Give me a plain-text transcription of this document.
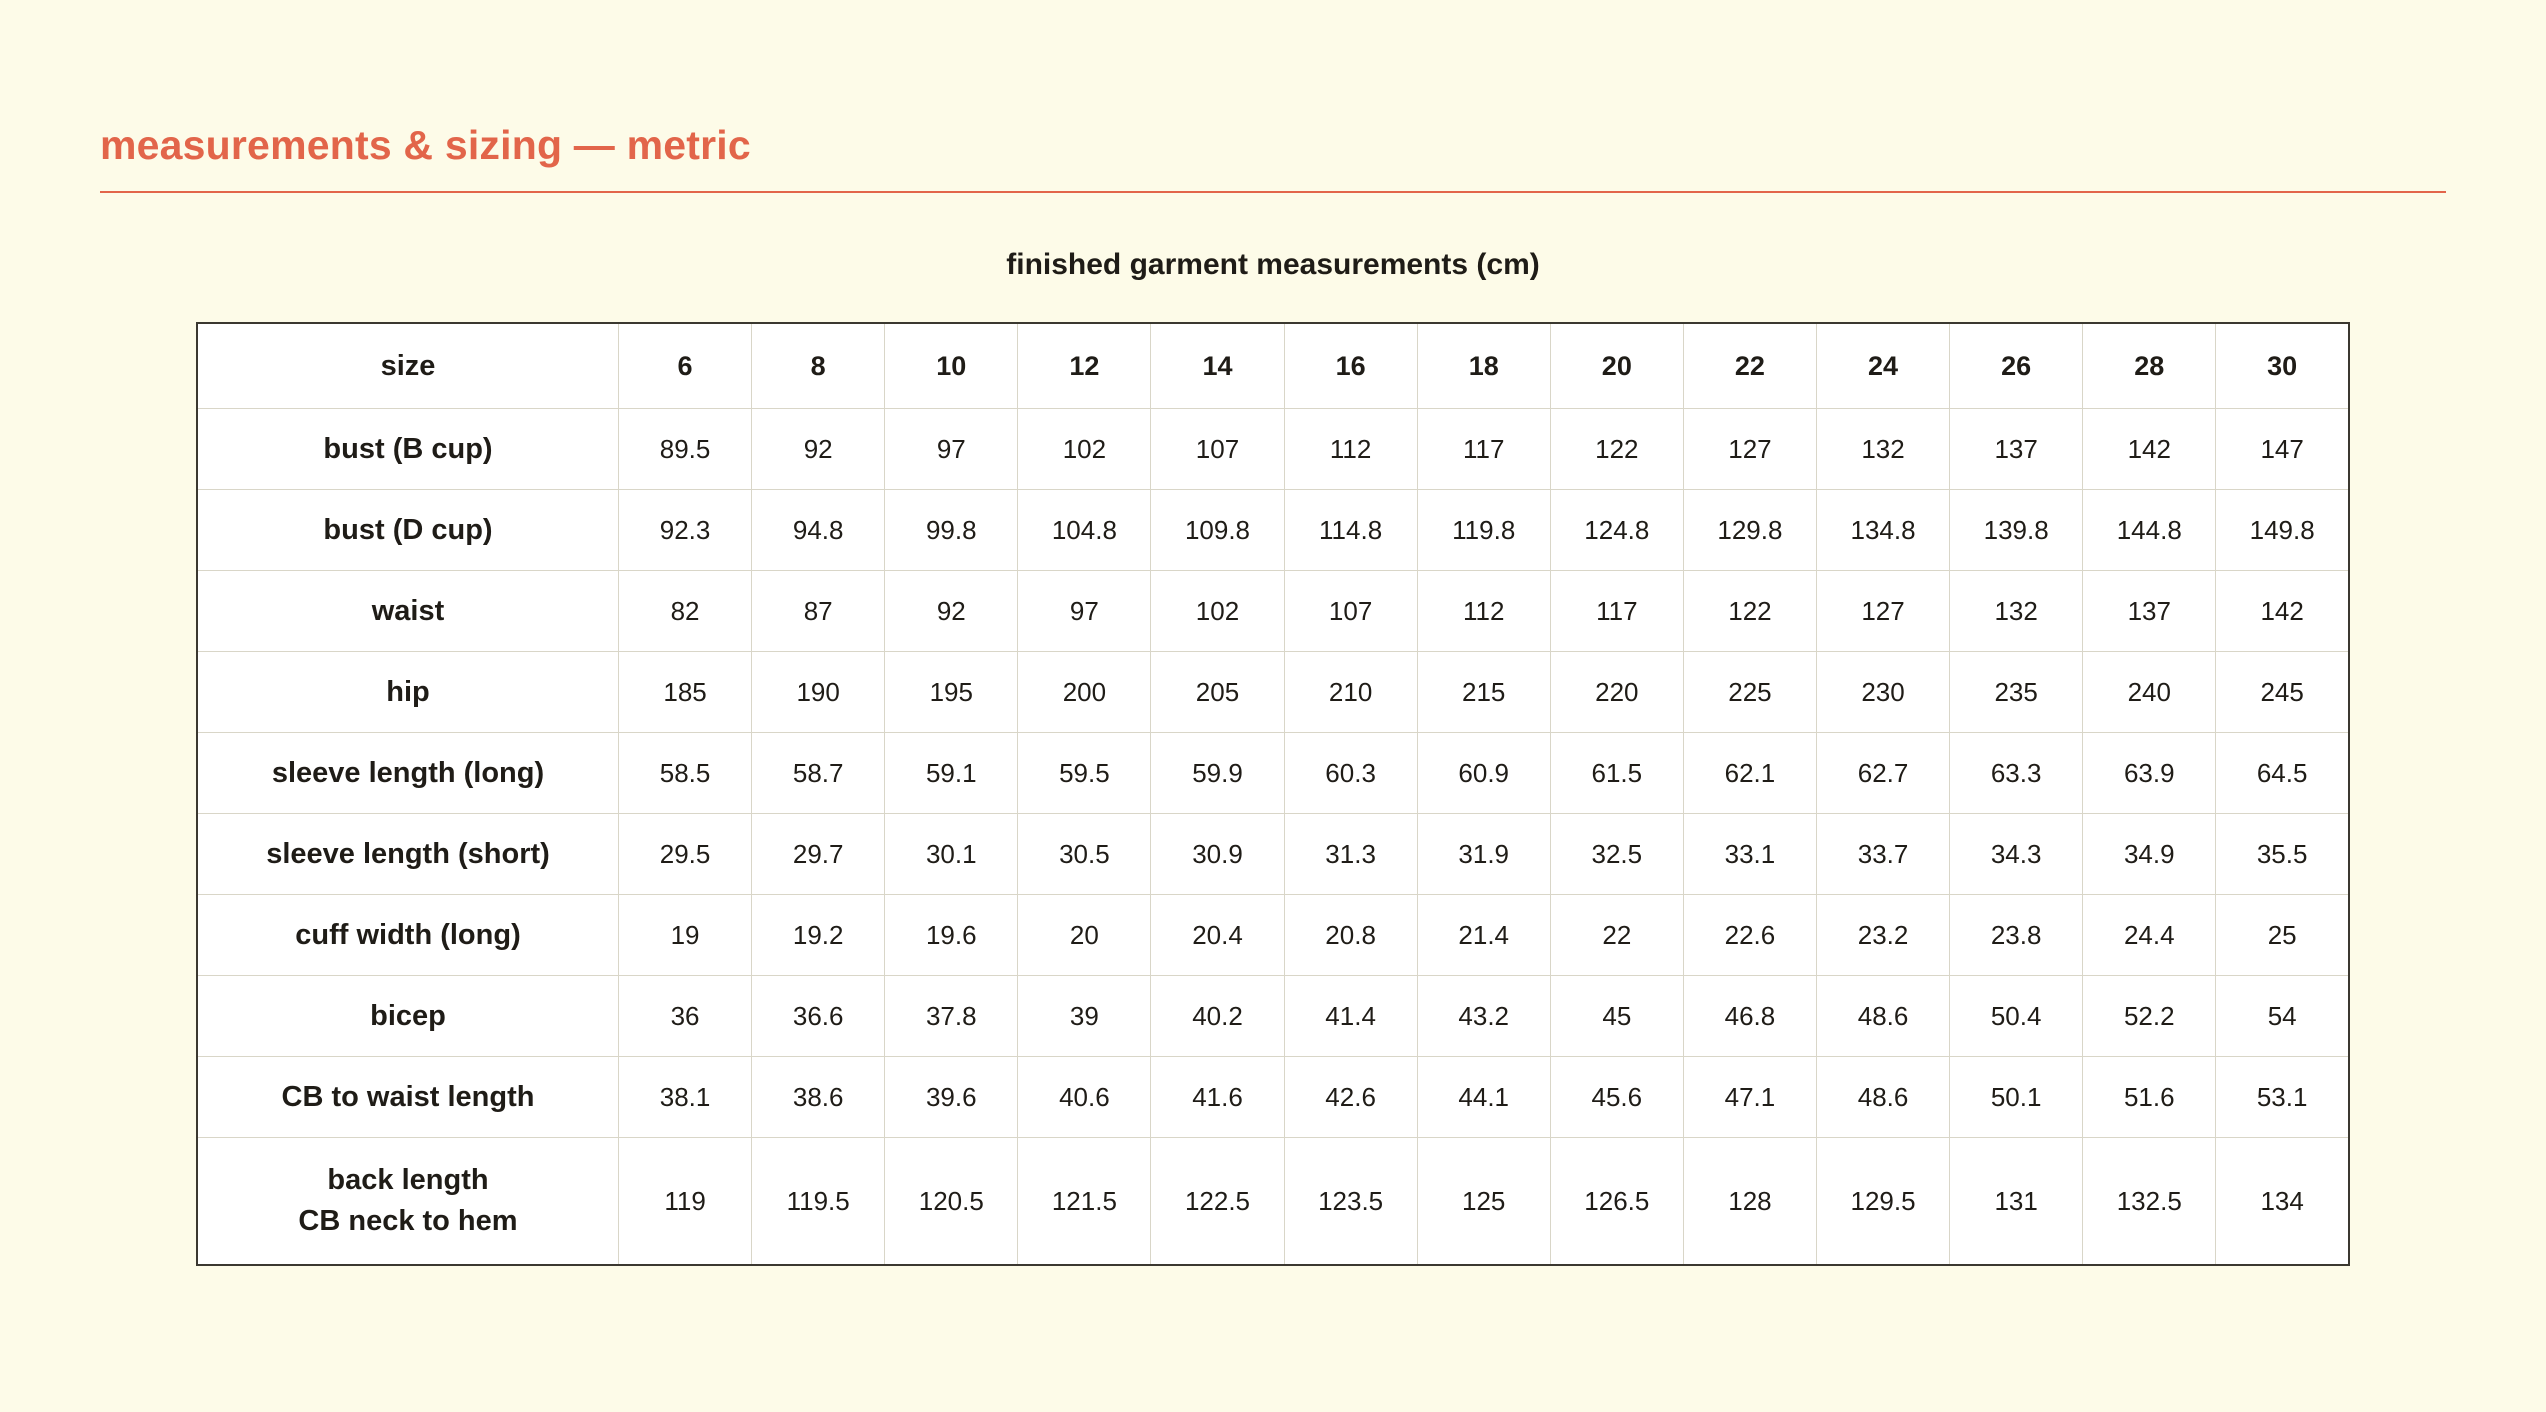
measurements & sizing — metric
finished garment measurements (cm)
size	6	8	10	12	14	16	18	20	22	24	26	28	30
bust (B cup)	89.5	92	97	102	107	112	117	122	127	132	137	142	147
bust (D cup)	92.3	94.8	99.8	104.8	109.8	114.8	119.8	124.8	129.8	134.8	139.8	144.8	149.8
waist	82	87	92	97	102	107	112	117	122	127	132	137	142
hip	185	190	195	200	205	210	215	220	225	230	235	240	245
sleeve length (long)	58.5	58.7	59.1	59.5	59.9	60.3	60.9	61.5	62.1	62.7	63.3	63.9	64.5
sleeve length (short)	29.5	29.7	30.1	30.5	30.9	31.3	31.9	32.5	33.1	33.7	34.3	34.9	35.5
cuff width (long)	19	19.2	19.6	20	20.4	20.8	21.4	22	22.6	23.2	23.8	24.4	25
bicep	36	36.6	37.8	39	40.2	41.4	43.2	45	46.8	48.6	50.4	52.2	54
CB to waist length	38.1	38.6	39.6	40.6	41.6	42.6	44.1	45.6	47.1	48.6	50.1	51.6	53.1

back length
CB neck to hem	119	119.5	120.5	121.5	122.5	123.5	125	126.5	128	129.5	131	132.5	134
